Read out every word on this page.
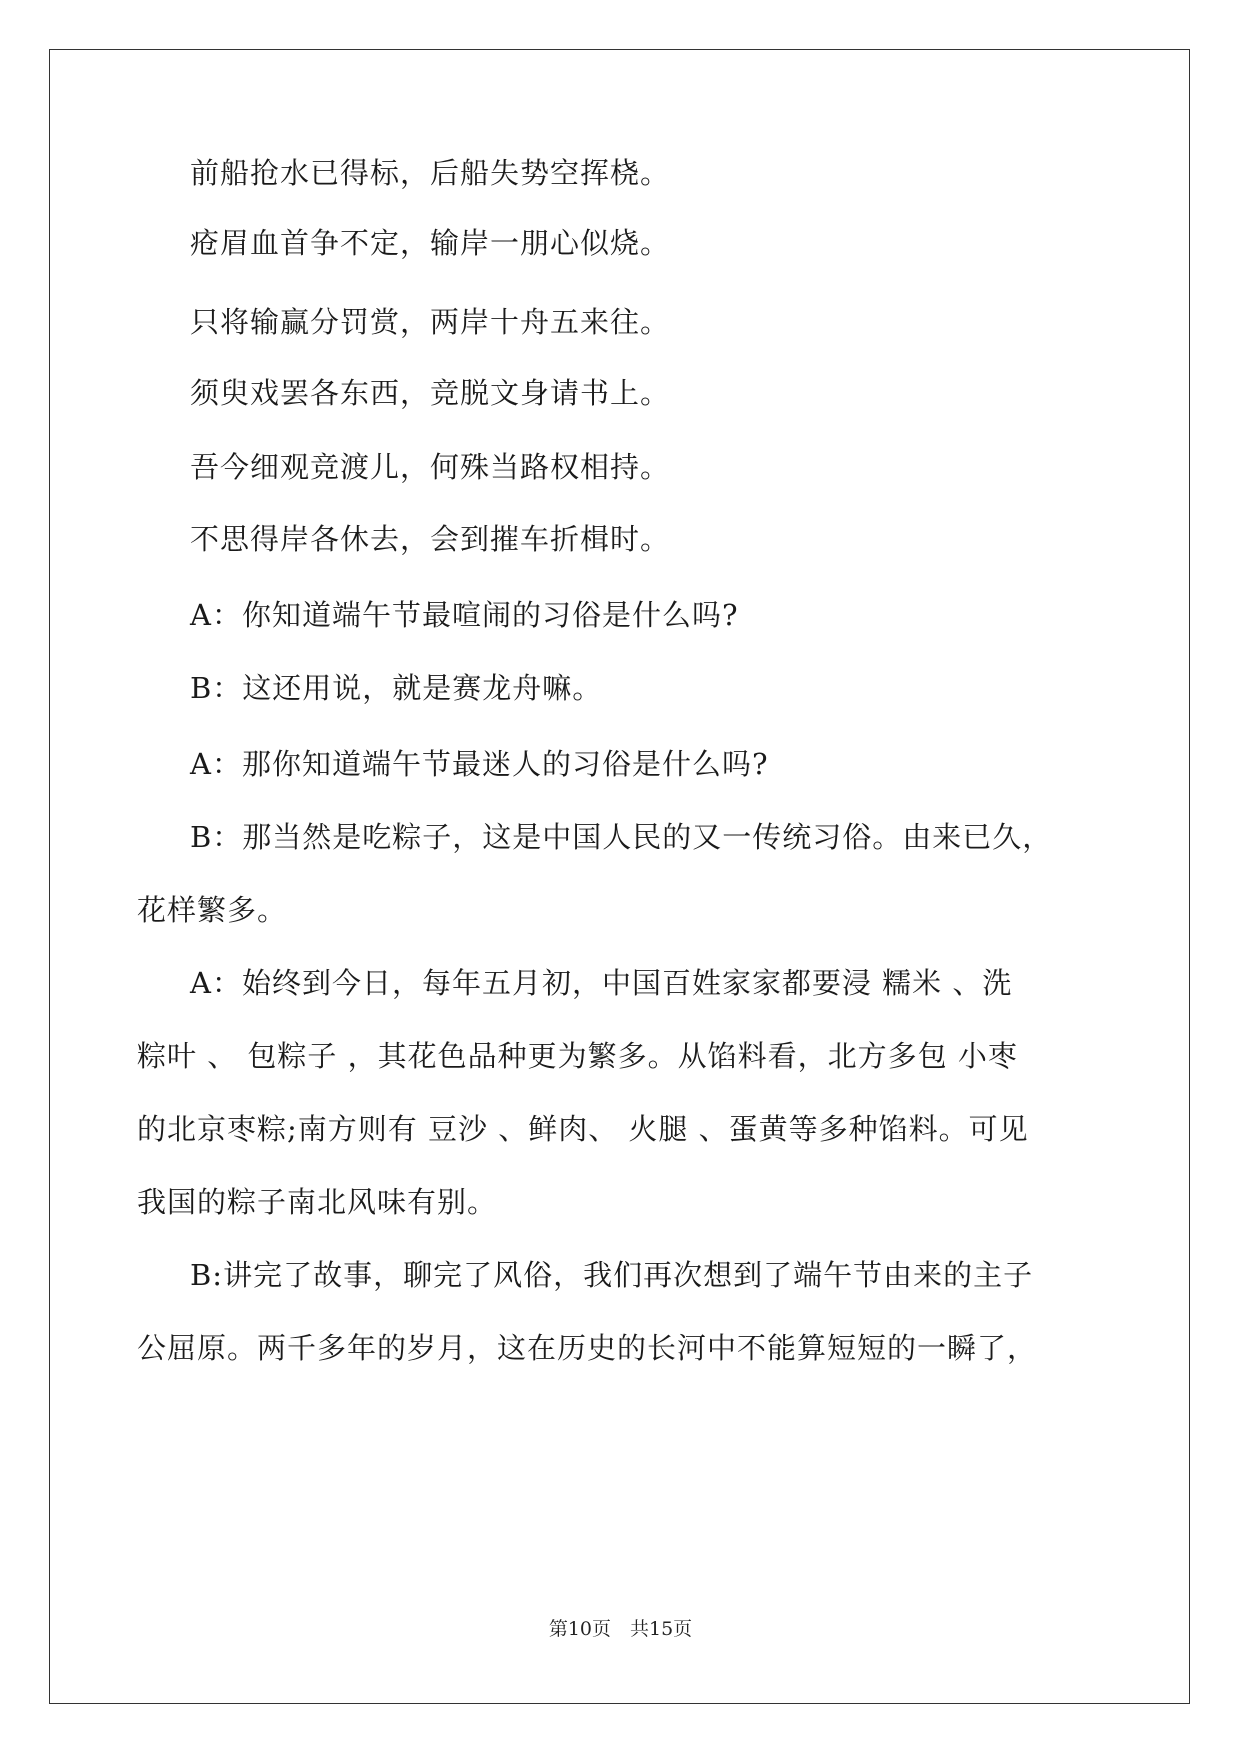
前船抢水已得标，后船失势空挥桡。
疮眉血首争不定，输岸一朋心似烧。
只将输赢分罚赏，两岸十舟五来往。
须臾戏罢各东西，竞脱文身请书上。
吾今细观竞渡儿，何殊当路权相持。
不思得岸各休去，会到摧车折楫时。
A：你知道端午节最喧闹的习俗是什么吗?
B：这还用说，就是赛龙舟嘛。
A：那你知道端午节最迷人的习俗是什么吗?
B：那当然是吃粽子，这是中国人民的又一传统习俗。由来已久，
花样繁多。
A：始终到今日，每年五月初，中国百姓家家都要浸 糯米 、洗
粽叶 、 包粽子 ，其花色品种更为繁多。从馅料看，北方多包 小枣
的北京枣粽;南方则有 豆沙 、鲜肉、 火腿 、蛋黄等多种馅料。可见
我国的粽子南北风味有别。
B:讲完了故事，聊完了风俗，我们再次想到了端午节由来的主子
公屈原。两千多年的岁月，这在历史的长河中不能算短短的一瞬了，
第10页　共15页
